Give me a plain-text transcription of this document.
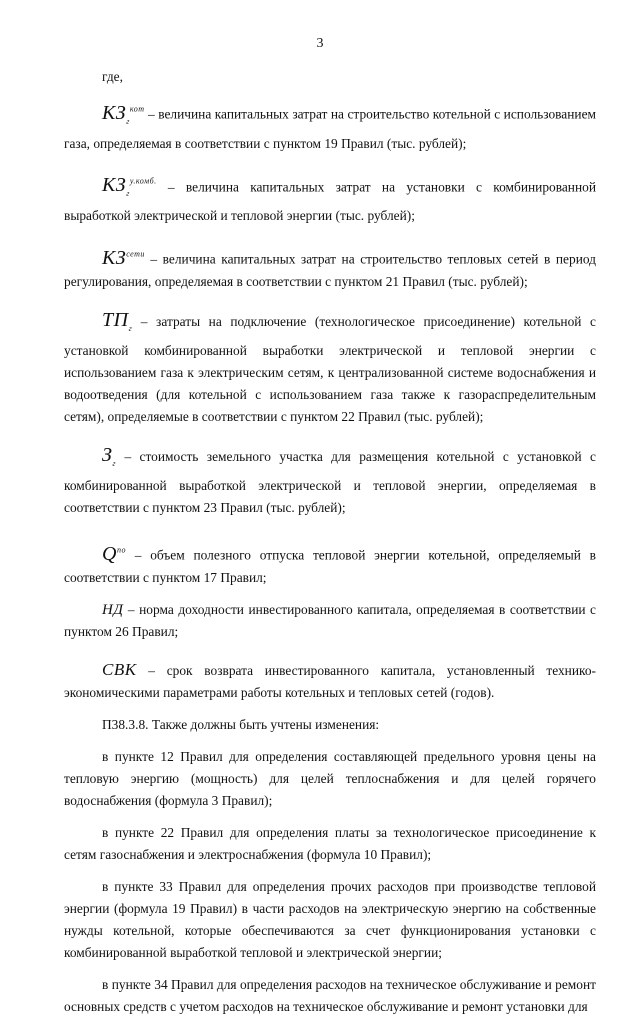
3

где,

$КЗ_г^{кот}$ – величина капитальных затрат на строительство котельной с использованием газа, определяемая в соответствии с пунктом 19 Правил (тыс. рублей);

$КЗ_г^{у.комб.}$ – величина капитальных затрат на установки с комбинированной выработкой электрической и тепловой энергии (тыс. рублей);

$КЗ^{сети}$ – величина капитальных затрат на строительство тепловых сетей в период регулирования, определяемая в соответствии с пунктом 21 Правил (тыс. рублей);

$ТП_г$ – затраты на подключение (технологическое присоединение) котельной с установкой комбинированной выработки электрической и тепловой энергии с использованием газа к электрическим сетям, к централизованной системе водоснабжения и водоотведения (для котельной с использованием газа также к газораспределительным сетям), определяемые в соответствии с пунктом 22 Правил (тыс. рублей);

$З_г$ – стоимость земельного участка для размещения котельной с установкой с комбинированной выработкой электрической и тепловой энергии, определяемая в соответствии с пунктом 23 Правил (тыс. рублей);

$Q^{по}$ – объем полезного отпуска тепловой энергии котельной, определяемый в соответствии с пунктом 17 Правил;

НД – норма доходности инвестированного капитала, определяемая в соответствии с пунктом 26 Правил;

СВК – срок возврата инвестированного капитала, установленный технико-экономическими параметрами работы котельных и тепловых сетей (годов).

П38.3.8. Также должны быть учтены изменения:

в пункте 12 Правил для определения составляющей предельного уровня цены на тепловую энергию (мощность) для целей теплоснабжения и для целей горячего водоснабжения (формула 3 Правил);

в пункте 22 Правил для определения платы за технологическое присоединение к сетям газоснабжения и электроснабжения (формула 10 Правил);

в пункте 33 Правил для определения прочих расходов при производстве тепловой энергии (формула 19 Правил) в части расходов на электрическую энергию на собственные нужды котельной, которые обеспечиваются за счет функционирования установки с комбинированной выработкой тепловой и электрической энергии;

в пункте 34 Правил для определения расходов на техническое обслуживание и ремонт основных средств с учетом расходов на техническое обслуживание и ремонт установки для
